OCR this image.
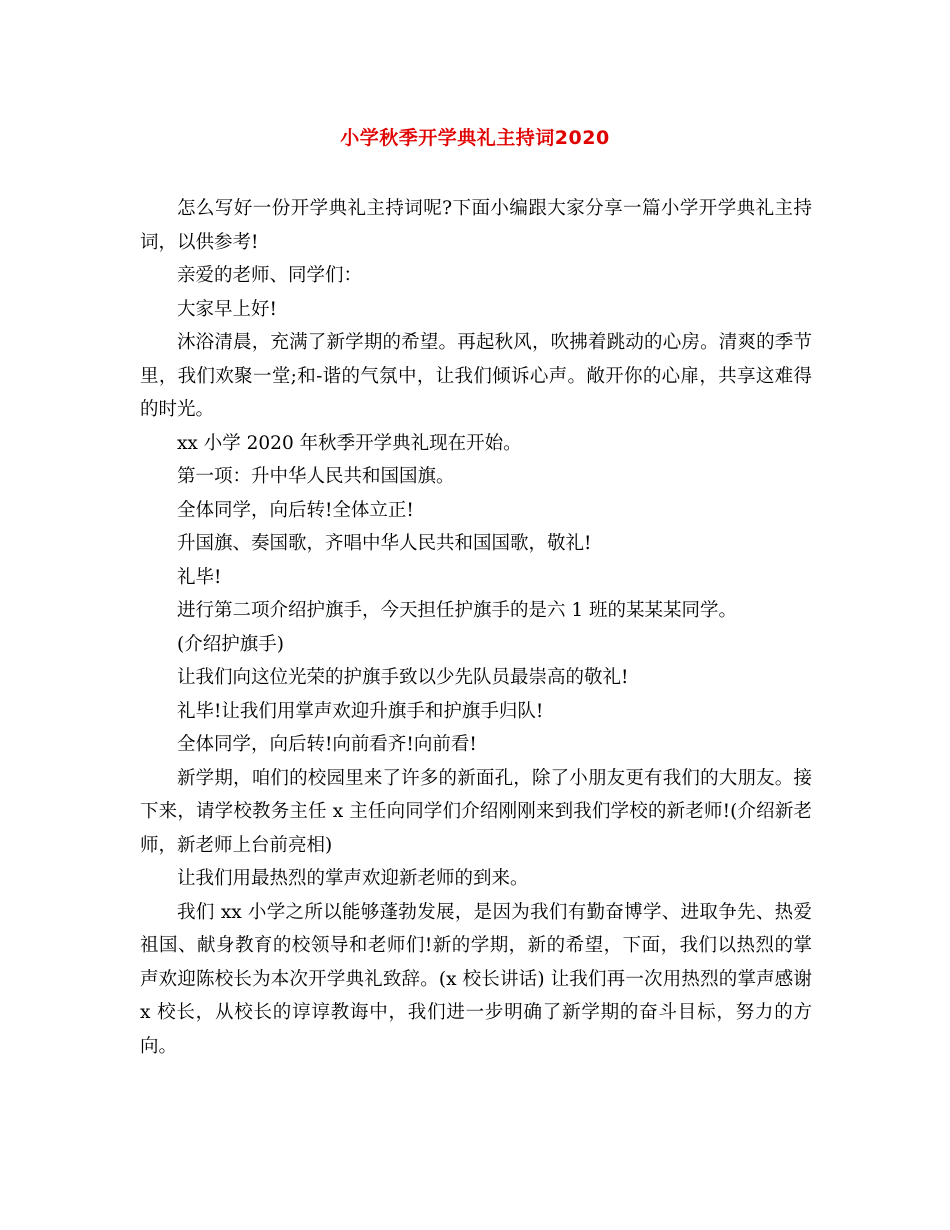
小学秋季开学典礼主持词2020

怎么写好一份开学典礼主持词呢?下面小编跟大家分享一篇小学开学典礼主持词，以供参考!

亲爱的老师、同学们：

大家早上好!

沐浴清晨，充满了新学期的希望。再起秋风，吹拂着跳动的心房。清爽的季节里，我们欢聚一堂;和-谐的气氛中，让我们倾诉心声。敞开你的心扉，共享这难得的时光。

xx 小学 2020 年秋季开学典礼现在开始。

第一项：升中华人民共和国国旗。

全体同学，向后转!全体立正!

升国旗、奏国歌，齐唱中华人民共和国国歌，敬礼!

礼毕!

进行第二项介绍护旗手，今天担任护旗手的是六 1 班的某某某同学。

(介绍护旗手)

让我们向这位光荣的护旗手致以少先队员最崇高的敬礼!

礼毕!让我们用掌声欢迎升旗手和护旗手归队!

全体同学，向后转!向前看齐!向前看!

新学期，咱们的校园里来了许多的新面孔，除了小朋友更有我们的大朋友。接下来，请学校教务主任 x 主任向同学们介绍刚刚来到我们学校的新老师!(介绍新老师，新老师上台前亮相)

让我们用最热烈的掌声欢迎新老师的到来。

我们 xx 小学之所以能够蓬勃发展，是因为我们有勤奋博学、进取争先、热爱祖国、献身教育的校领导和老师们!新的学期，新的希望，下面，我们以热烈的掌声欢迎陈校长为本次开学典礼致辞。(x 校长讲话) 让我们再一次用热烈的掌声感谢 x 校长，从校长的谆谆教诲中，我们进一步明确了新学期的奋斗目标，努力的方向。
